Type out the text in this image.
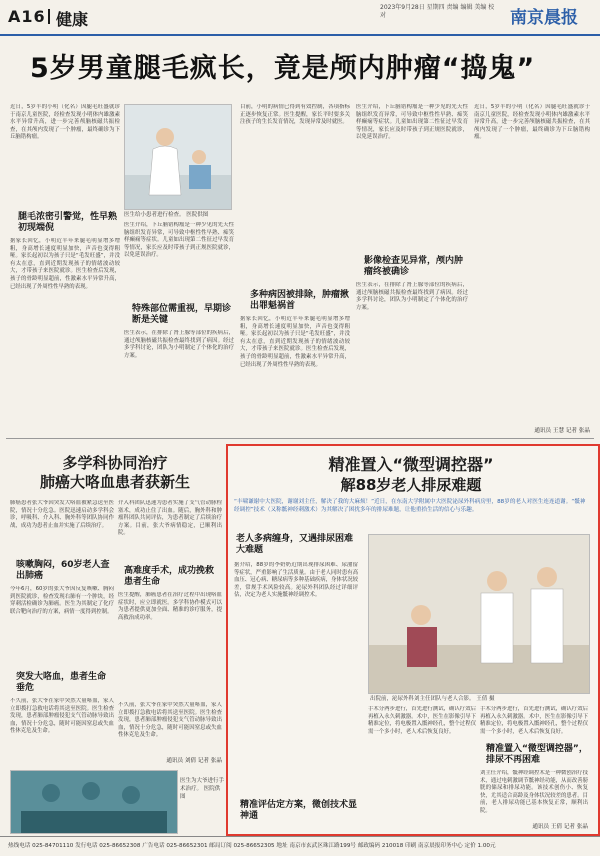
A16 健康
2023年9月28日 星期四 责编 编辑 美编 校对	南京晨报
5岁男童腿毛疯长，竟是颅内肿瘤“捣鬼”
近日，5岁半的小明（化名）因腿毛旺盛就诊于南京儿童医院，经检查发现小明体内雄激素水平异常升高，进一步完善颅脑核磁共振检查，在其颅内发现了一个肿瘤，最终确诊为下丘脑错构瘤。
医生给小患者进行检查。 医院供图
腿毛浓密引警觉，性早熟初现端倪
据家长回忆，小明近半年来腿毛明显增多增粗，身高增长速度明显加快，声音也变得粗哑。家长起初以为孩子只是“毛发旺盛”，并没有太在意，直到近期发现孩子的情绪波动较大，才带孩子来医院就诊。医生检查后发现，孩子的骨龄明显超前，性激素水平异常升高，已经出现了外周性性早熟的表现。
医生介绍，下丘脑错构瘤是一种少见的先天性脑组织发育异常，可导致中枢性性早熟、痴笑样癫痫等症状。儿童如出现第二性征过早发育等情况，家长应及时带孩子到正规医院就诊，以免延误治疗。
特殊部位需重视，早期诊断是关键
医生表示，在排除了肾上腺等部位的疾病后，通过颅脑核磁共振检查最终找到了病因。经过多学科讨论，团队为小明制定了个体化的治疗方案。
目前，小明的病情已得到有效控制，各项指标正逐步恢复正常。医生提醒，家长平时要多关注孩子的生长发育情况，发现异常及时就医。
多种病因被排除，肿瘤揪出罪魁祸首
据家长回忆，小明近半年来腿毛明显增多增粗，身高增长速度明显加快，声音也变得粗哑。家长起初以为孩子只是“毛发旺盛”，并没有太在意，直到近期发现孩子的情绪波动较大，才带孩子来医院就诊。医生检查后发现，孩子的骨龄明显超前，性激素水平异常升高，已经出现了外周性性早熟的表现。
医生介绍，下丘脑错构瘤是一种少见的先天性脑组织发育异常，可导致中枢性性早熟、痴笑样癫痫等症状。儿童如出现第二性征过早发育等情况，家长应及时带孩子到正规医院就诊，以免延误治疗。
影像检查见异常，颅内肿瘤终被确诊
医生表示，在排除了肾上腺等部位的疾病后，通过颅脑核磁共振检查最终找到了病因。经过多学科讨论，团队为小明制定了个体化的治疗方案。
近日，5岁半的小明（化名）因腿毛旺盛就诊于南京儿童医院，经检查发现小明体内雄激素水平异常升高，进一步完善颅脑核磁共振检查，在其颅内发现了一个肿瘤，最终确诊为下丘脑错构瘤。
通讯员 王慧 记者 张晶
多学科协同治疗
肺癌大咯血患者获新生
肺癌患者张大爷因突发大咯血被紧急送至医院，情况十分危急。医院迅速启动多学科会诊，呼吸科、介入科、胸外科等团队协同作战，成功为患者止血并实施了后续治疗。
咳嗽胸闷，60岁老人查出肺癌
今年6月，60岁的张大爷因反复咳嗽、胸闷到医院就诊，检查发现右肺有一个肿块，经穿刺活检确诊为肺癌。医生为其制定了化疗联合靶向治疗的方案，病情一度得到控制。
突发大咯血，患者生命垂危
不久前，张大爷在家中突然大量咯血，家人立即拨打急救电话将其送至医院。医生检查发现，患者肺部肿瘤侵犯支气管动脉导致出血，情况十分危急，随时可能因窒息或失血性休克危及生命。
介入科团队迅速为患者实施了支气管动脉栓塞术，成功止住了出血。随后，胸外科和肿瘤科团队共同评估，为患者制定了后续治疗方案。目前，张大爷病情稳定，已顺利出院。
高难度手术，成功挽救患者生命
医生提醒，肺癌患者在治疗过程中出现咯血症状时，应立即就医。多学科协作模式可以为患者提供更加全面、精准的诊疗服务，提高救治成功率。
不久前，张大爷在家中突然大量咯血，家人立即拨打急救电话将其送至医院。医生检查发现，患者肺部肿瘤侵犯支气管动脉导致出血，情况十分危急，随时可能因窒息或失血性休克危及生命。
通讯员 刘倩 记者 张晶
医生为大爷进行手术治疗。 医院供图
精准置入“微型调控器”
解88岁老人排尿难题
“丰啸谦谢中大医院，谢谢刘主任，解决了我的大麻烦！”近日，在东南大学附属中大医院泌尿外科病房里，88岁的老人对医生连连道谢。“骶神经调控”技术（又称骶神经刺激术）为其解决了困扰多年的排尿难题，让他重拾生活的信心与乐趣。
老人多病缠身，又遇排尿困难大难题
据介绍，88岁的李奶奶近期出现排尿困难、尿潴留等症状，严重影响了生活质量。由于老人同时患有高血压、冠心病、糖尿病等多种基础疾病，身体状况较差，常规手术风险较高。泌尿外科团队经过详细评估，决定为老人实施骶神经调控术。
出院前，泌尿外科刘主任团队与老人合影。 王倩 摄
手术分两步进行，首先进行测试，确认疗效后再植入永久刺激器。术中，医生在影像引导下精准定位，将电极置入骶神经孔，整个过程仅需一个多小时，老人术后恢复良好。
手术分两步进行，首先进行测试，确认疗效后再植入永久刺激器。术中，医生在影像引导下精准定位，将电极置入骶神经孔，整个过程仅需一个多小时，老人术后恢复良好。
精准置入“微型调控器”，排尿不再困难
刘主任介绍，骶神经调控术是一种微创治疗技术，通过电刺激调节骶神经功能，从而改善膀胱的储尿和排尿功能。该技术创伤小、恢复快，尤其适合高龄及身体状况较差的患者。目前，老人排尿功能已基本恢复正常，顺利出院。
精准评估定方案，微创技术显神通
通讯员 王倩 记者 张晶
热线电话 025-84701110 发行电话 025-86652308 广告电话 025-86652301 邮局订阅 025-86652305 地址 南京市玄武区珠江路199号 邮政编码 210018 印刷 南京晨报印务中心 定价 1.00元
